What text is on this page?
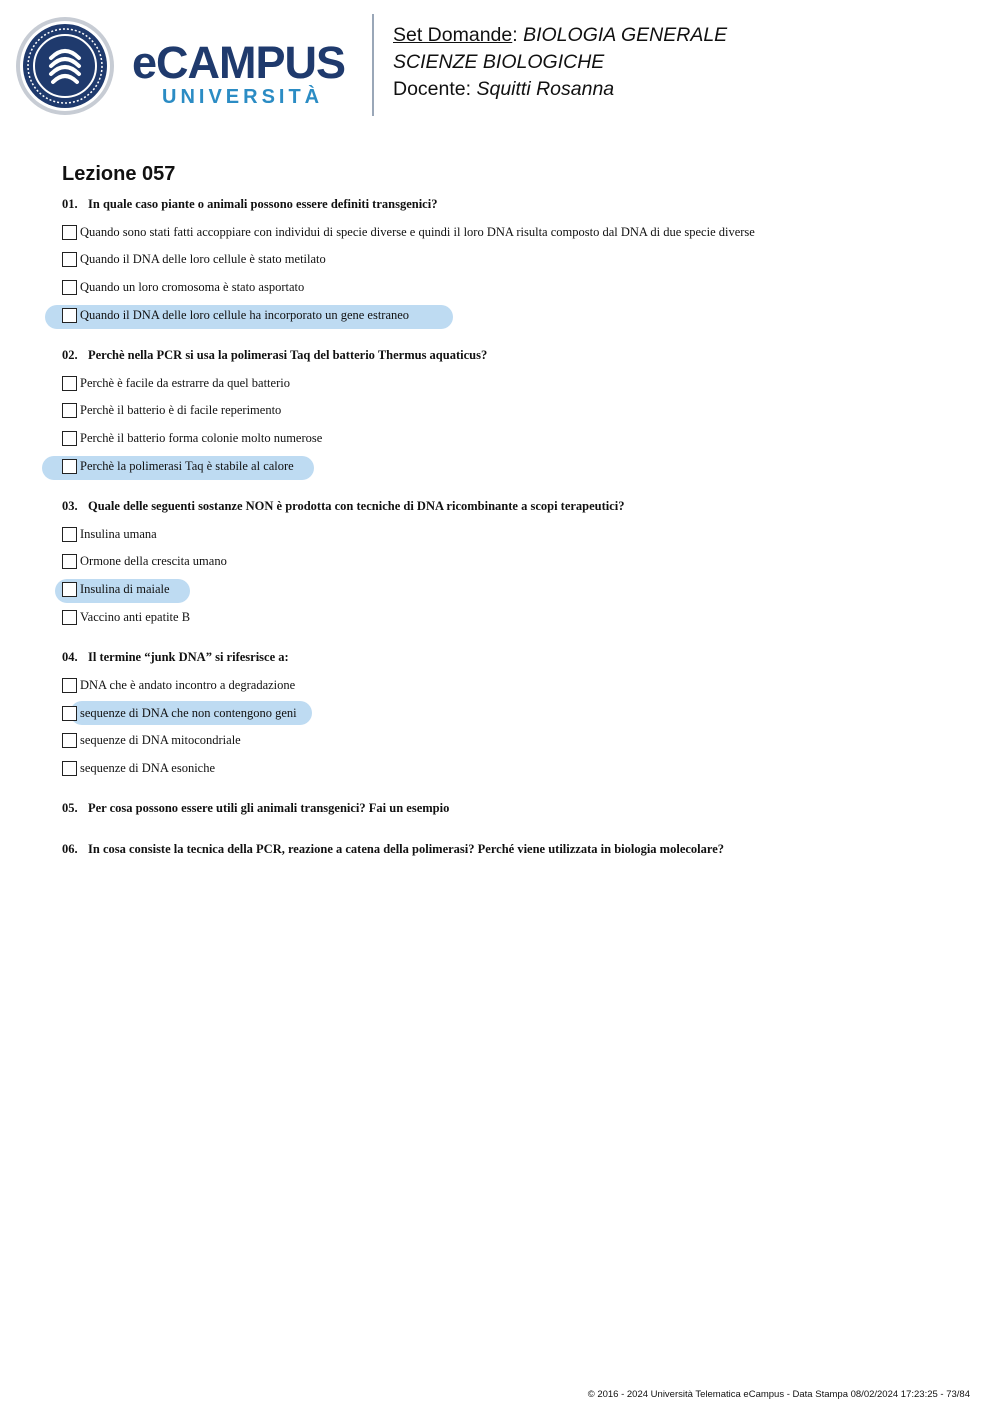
eCAMPUS
UNIVERSITÀ
Set Domande: BIOLOGIA GENERALE
SCIENZE BIOLOGICHE
Docente: Squitti Rosanna
Lezione 057
01. In quale caso piante o animali possono essere definiti transgenici?
Quando sono stati fatti accoppiare con individui di specie diverse e quindi il loro DNA risulta composto dal DNA di due specie diverse
Quando il DNA delle loro cellule è stato metilato
Quando un loro cromosoma è stato asportato
Quando il DNA delle loro cellule ha incorporato un gene estraneo
02. Perchè nella PCR si usa la polimerasi Taq del batterio Thermus aquaticus?
Perchè è facile da estrarre da quel batterio
Perchè il batterio è di facile reperimento
Perchè il batterio forma colonie molto numerose
Perchè la polimerasi Taq è stabile al calore
03. Quale delle seguenti sostanze NON è prodotta con tecniche di DNA ricombinante a scopi terapeutici?
Insulina umana
Ormone della crescita umano
Insulina di maiale
Vaccino anti epatite B
04. Il termine “junk DNA” si rifesrisce a:
DNA che è andato incontro a degradazione
sequenze di DNA che non contengono geni
sequenze di DNA mitocondriale
sequenze di DNA esoniche
05. Per cosa possono essere utili gli animali transgenici? Fai un esempio
06. In cosa consiste la tecnica della PCR, reazione a catena della polimerasi? Perché viene utilizzata in biologia molecolare?
© 2016 - 2024 Università Telematica eCampus - Data Stampa 08/02/2024 17:23:25 - 73/84
